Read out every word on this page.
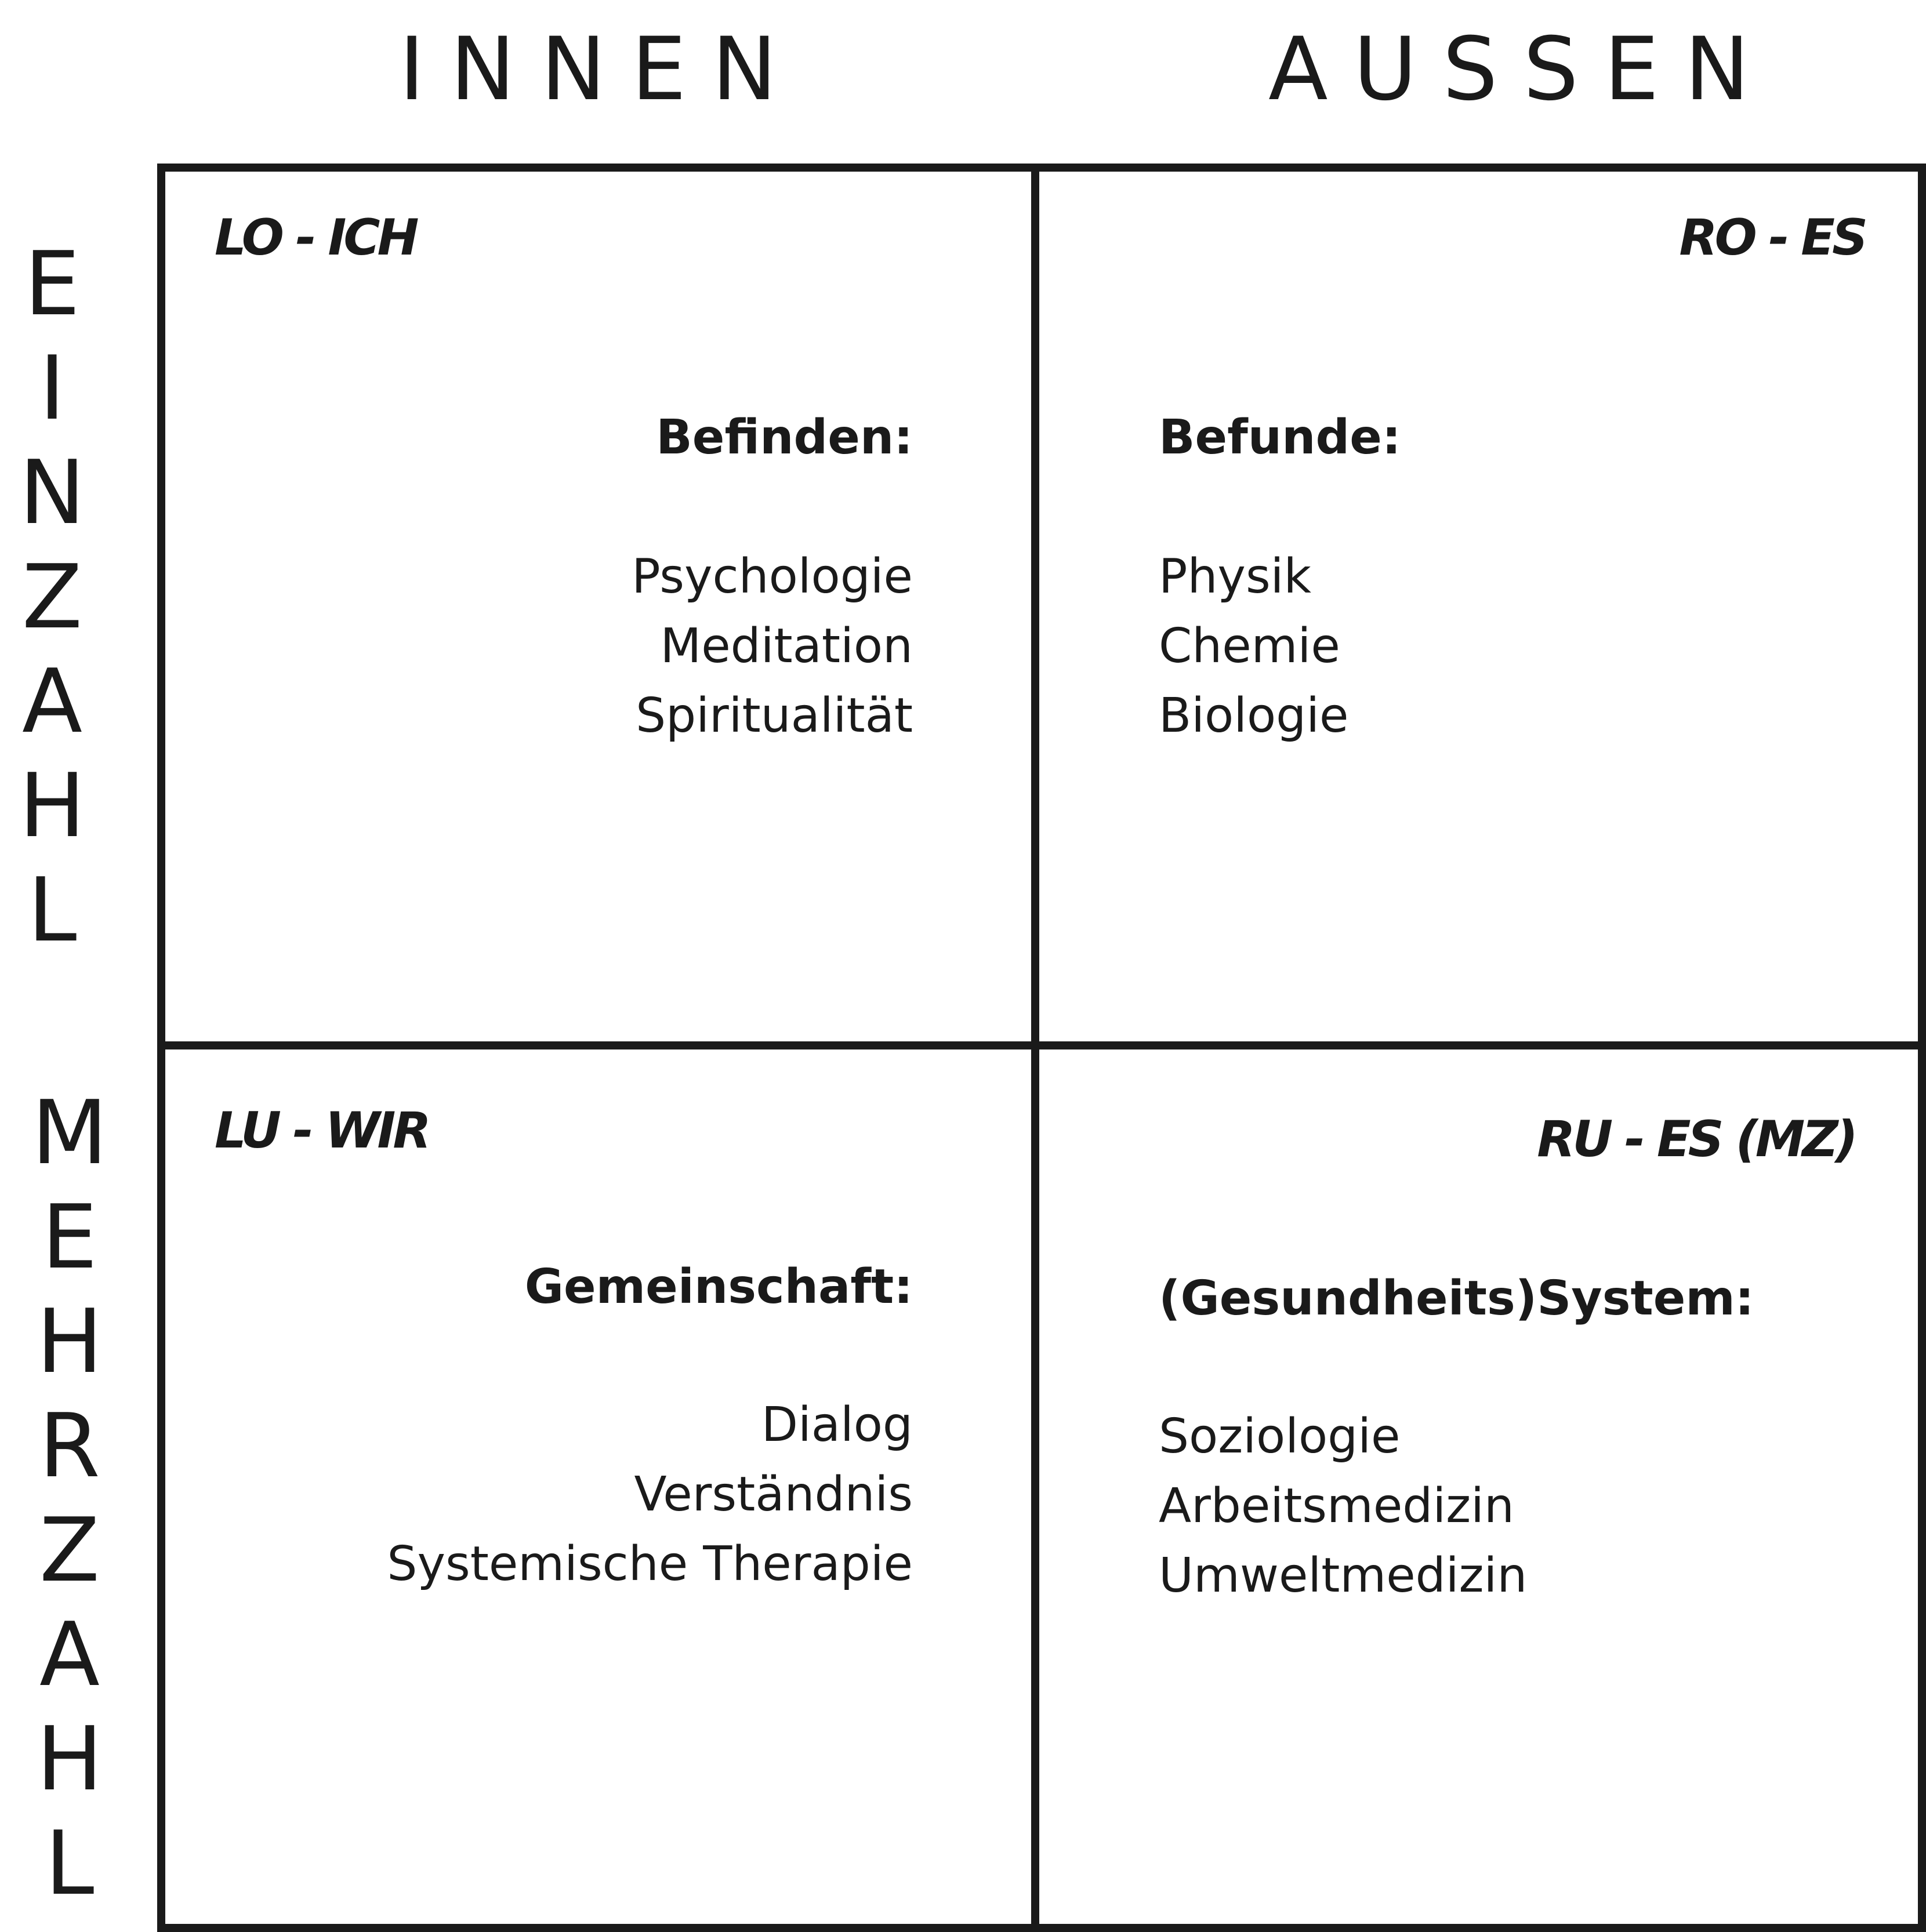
INNEN	AUSSEN
E
I
N
Z
A
H
L
M
E
H
R
Z
A
H
L
LO - ICH
Befinden:
Psychologie
Meditation
Spiritualität
RO - ES
Befunde:
Physik
Chemie
Biologie
LU - WIR
Gemeinschaft:
Dialog
Verständnis
Systemische Therapie
RU - ES (MZ)
(Gesundheits)System:
Soziologie
Arbeitsmedizin
Umweltmedizin
